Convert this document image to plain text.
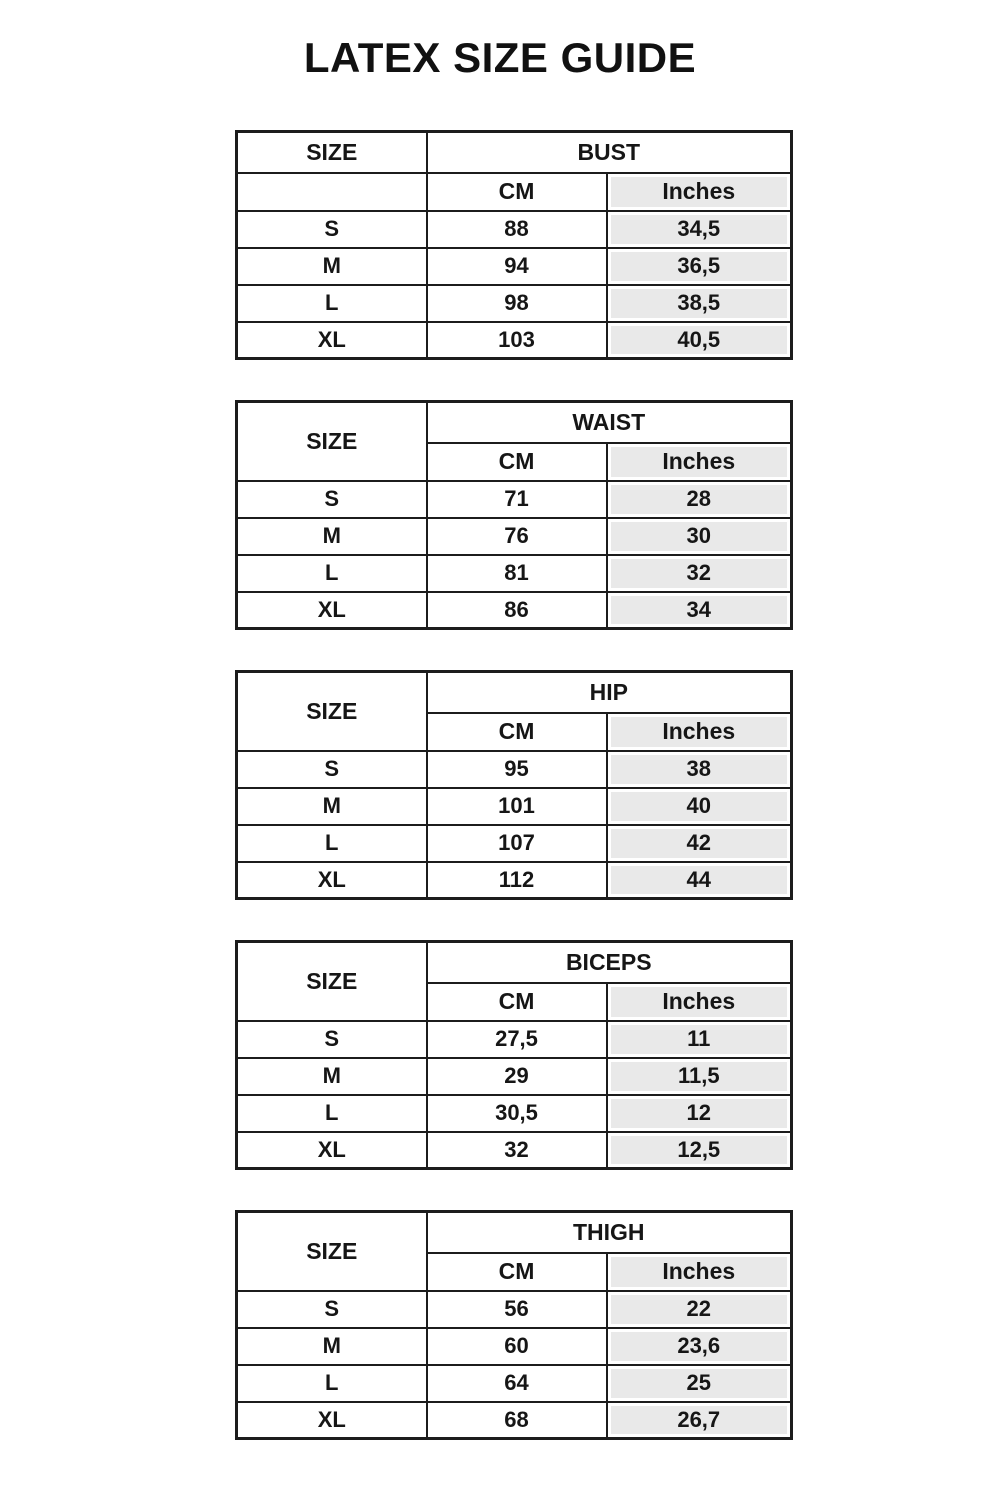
LATEX SIZE GUIDE
SIZE	BUST	
	CM	Inches
S	88	34,5
M	94	36,5
L	98	38,5
XL	103	40,5
SIZE	WAIST	
	CM	Inches
S	71	28
M	76	30
L	81	32
XL	86	34
SIZE	HIP	
	CM	Inches
S	95	38
M	101	40
L	107	42
XL	112	44
SIZE	BICEPS	
	CM	Inches
S	27,5	11
M	29	11,5
L	30,5	12
XL	32	12,5
SIZE	THIGH	
	CM	Inches
S	56	22
M	60	23,6
L	64	25
XL	68	26,7
